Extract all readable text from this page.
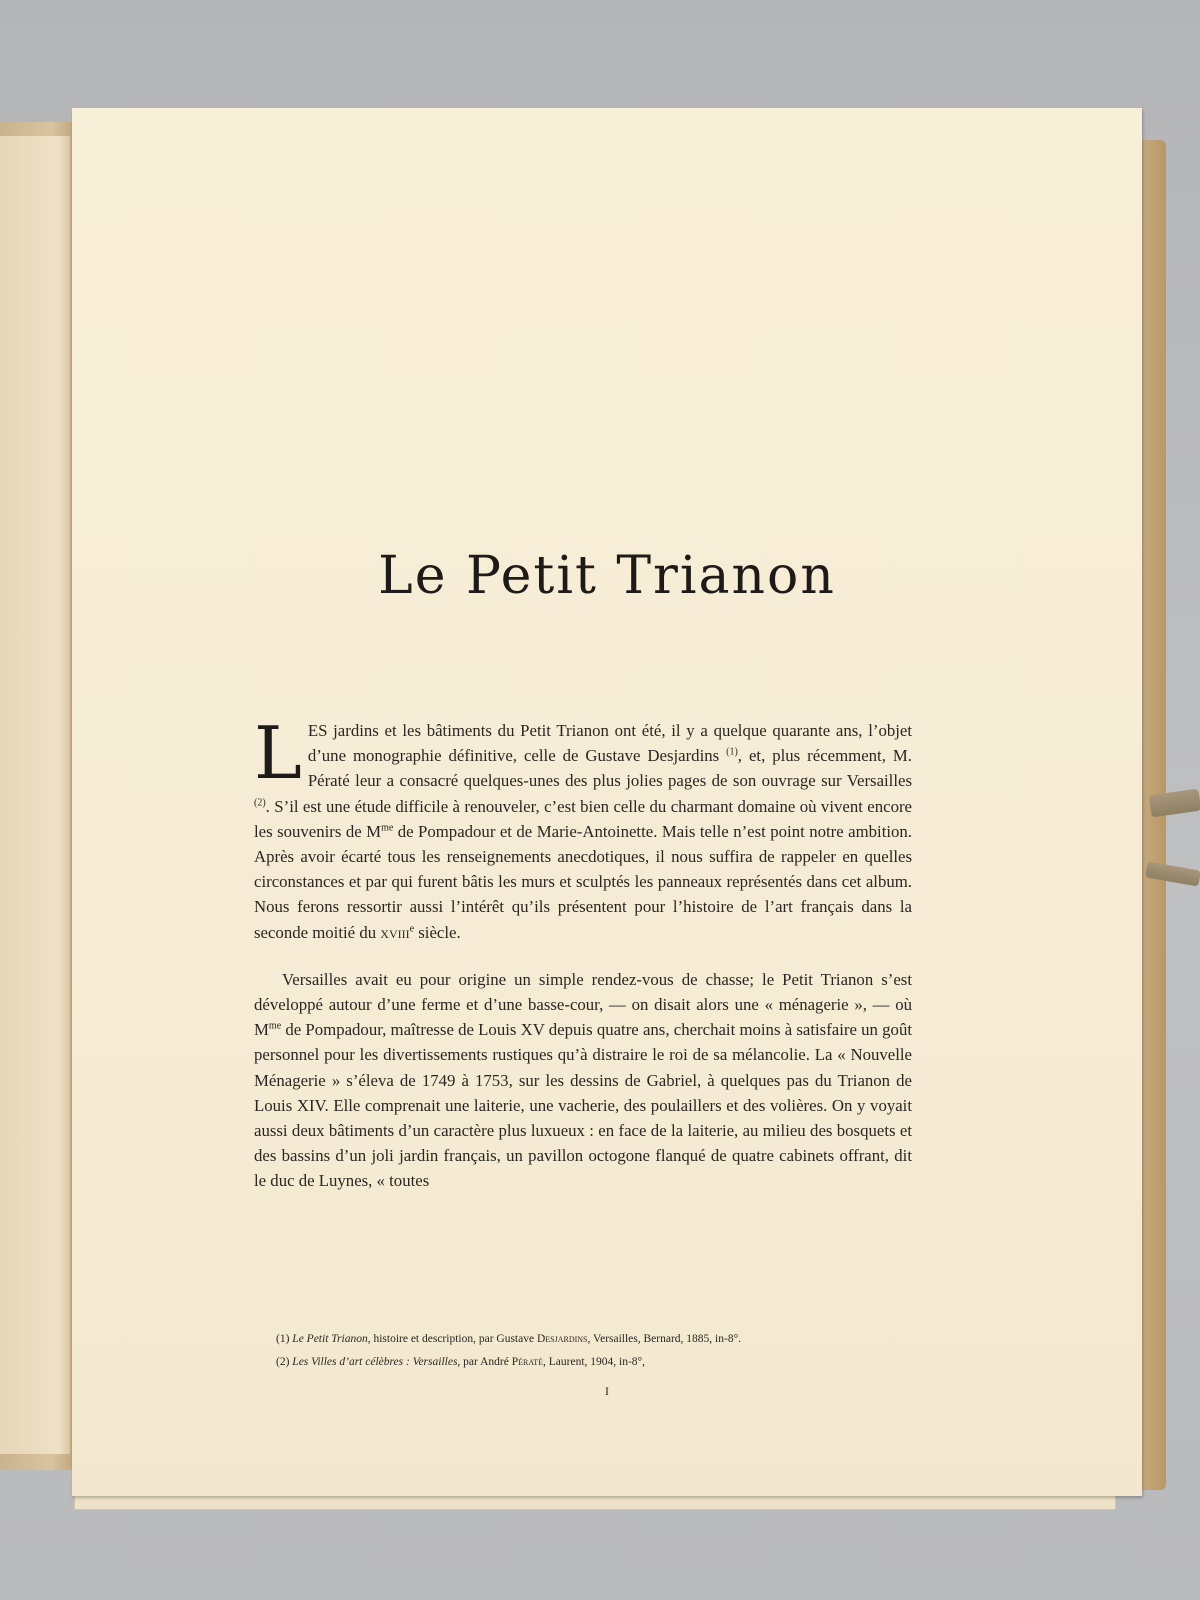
Le Petit Trianon

LES jardins et les bâtiments du Petit Trianon ont été, il y a quelque quarante ans, l’objet d’une monographie définitive, celle de Gustave Desjardins $^{(1)}$, et, plus récemment, M. Pératé leur a consacré quelques-unes des plus jolies pages de son ouvrage sur Versailles $^{(2)}$. S’il est une étude difficile à renouveler, c’est bien celle du charmant domaine où vivent encore les souvenirs de $M^{me}$ de Pompadour et de Marie-Antoinette. Mais telle n’est point notre ambition. Après avoir écarté tous les renseignements anecdotiques, il nous suffira de rappeler en quelles circonstances et par qui furent bâtis les murs et sculptés les panneaux représentés dans cet album. Nous ferons ressortir aussi l’intérêt qu’ils présentent pour l’histoire de l’art français dans la seconde moitié du xviii$^e$ siècle.

Versailles avait eu pour origine un simple rendez-vous de chasse; le Petit Trianon s’est développé autour d’une ferme et d’une basse-cour, — on disait alors une « ménagerie », — où $M^{me}$ de Pompadour, maîtresse de Louis XV depuis quatre ans, cherchait moins à satisfaire un goût personnel pour les divertissements rustiques qu’à distraire le roi de sa mélancolie. La « Nouvelle Ménagerie » s’éleva de 1749 à 1753, sur les dessins de Gabriel, à quelques pas du Trianon de Louis XIV. Elle comprenait une laiterie, une vacherie, des poulaillers et des volières. On y voyait aussi deux bâtiments d’un caractère plus luxueux : en face de la laiterie, au milieu des bosquets et des bassins d’un joli jardin français, un pavillon octogone flanqué de quatre cabinets offrant, dit le duc de Luynes, « toutes

(1) Le Petit Trianon, histoire et description, par Gustave Desjardins, Versailles, Bernard, 1885, in-8°.

(2) Les Villes d’art célèbres : Versailles, par André Pératé, Laurent, 1904, in-8°,

I
